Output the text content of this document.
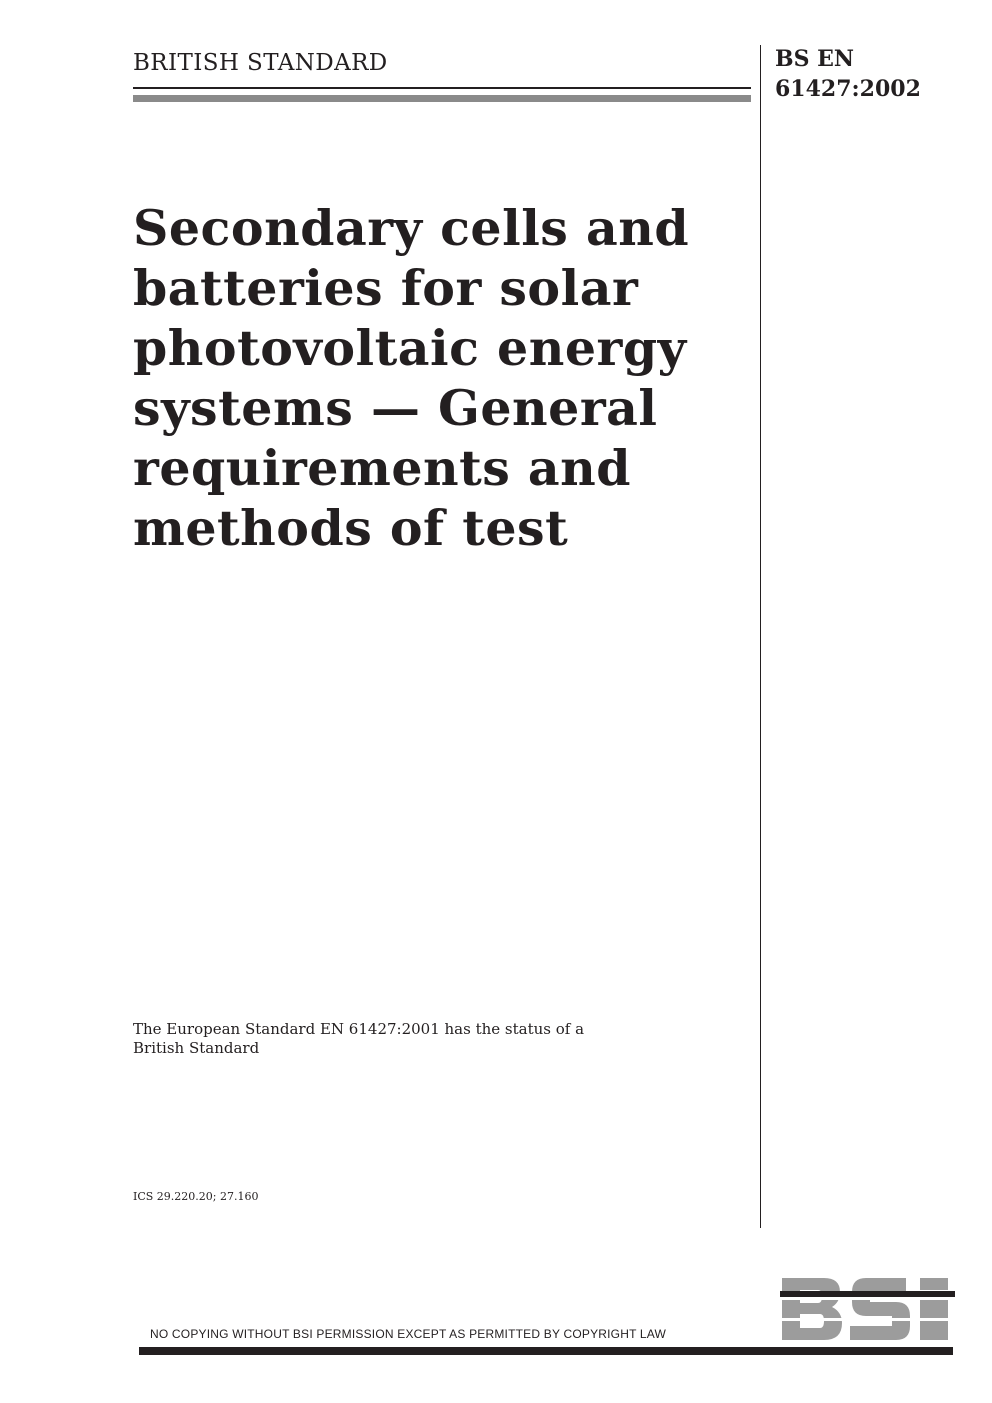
BRITISH STANDARD	BS EN
61427:2002
Secondary cells and
batteries for solar
photovoltaic energy
systems — General
requirements and
methods of test
The European Standard EN 61427:2001 has the status of a
British Standard
ICS 29.220.20; 27.160
NO COPYING WITHOUT BSI PERMISSION EXCEPT AS PERMITTED BY COPYRIGHT LAW
